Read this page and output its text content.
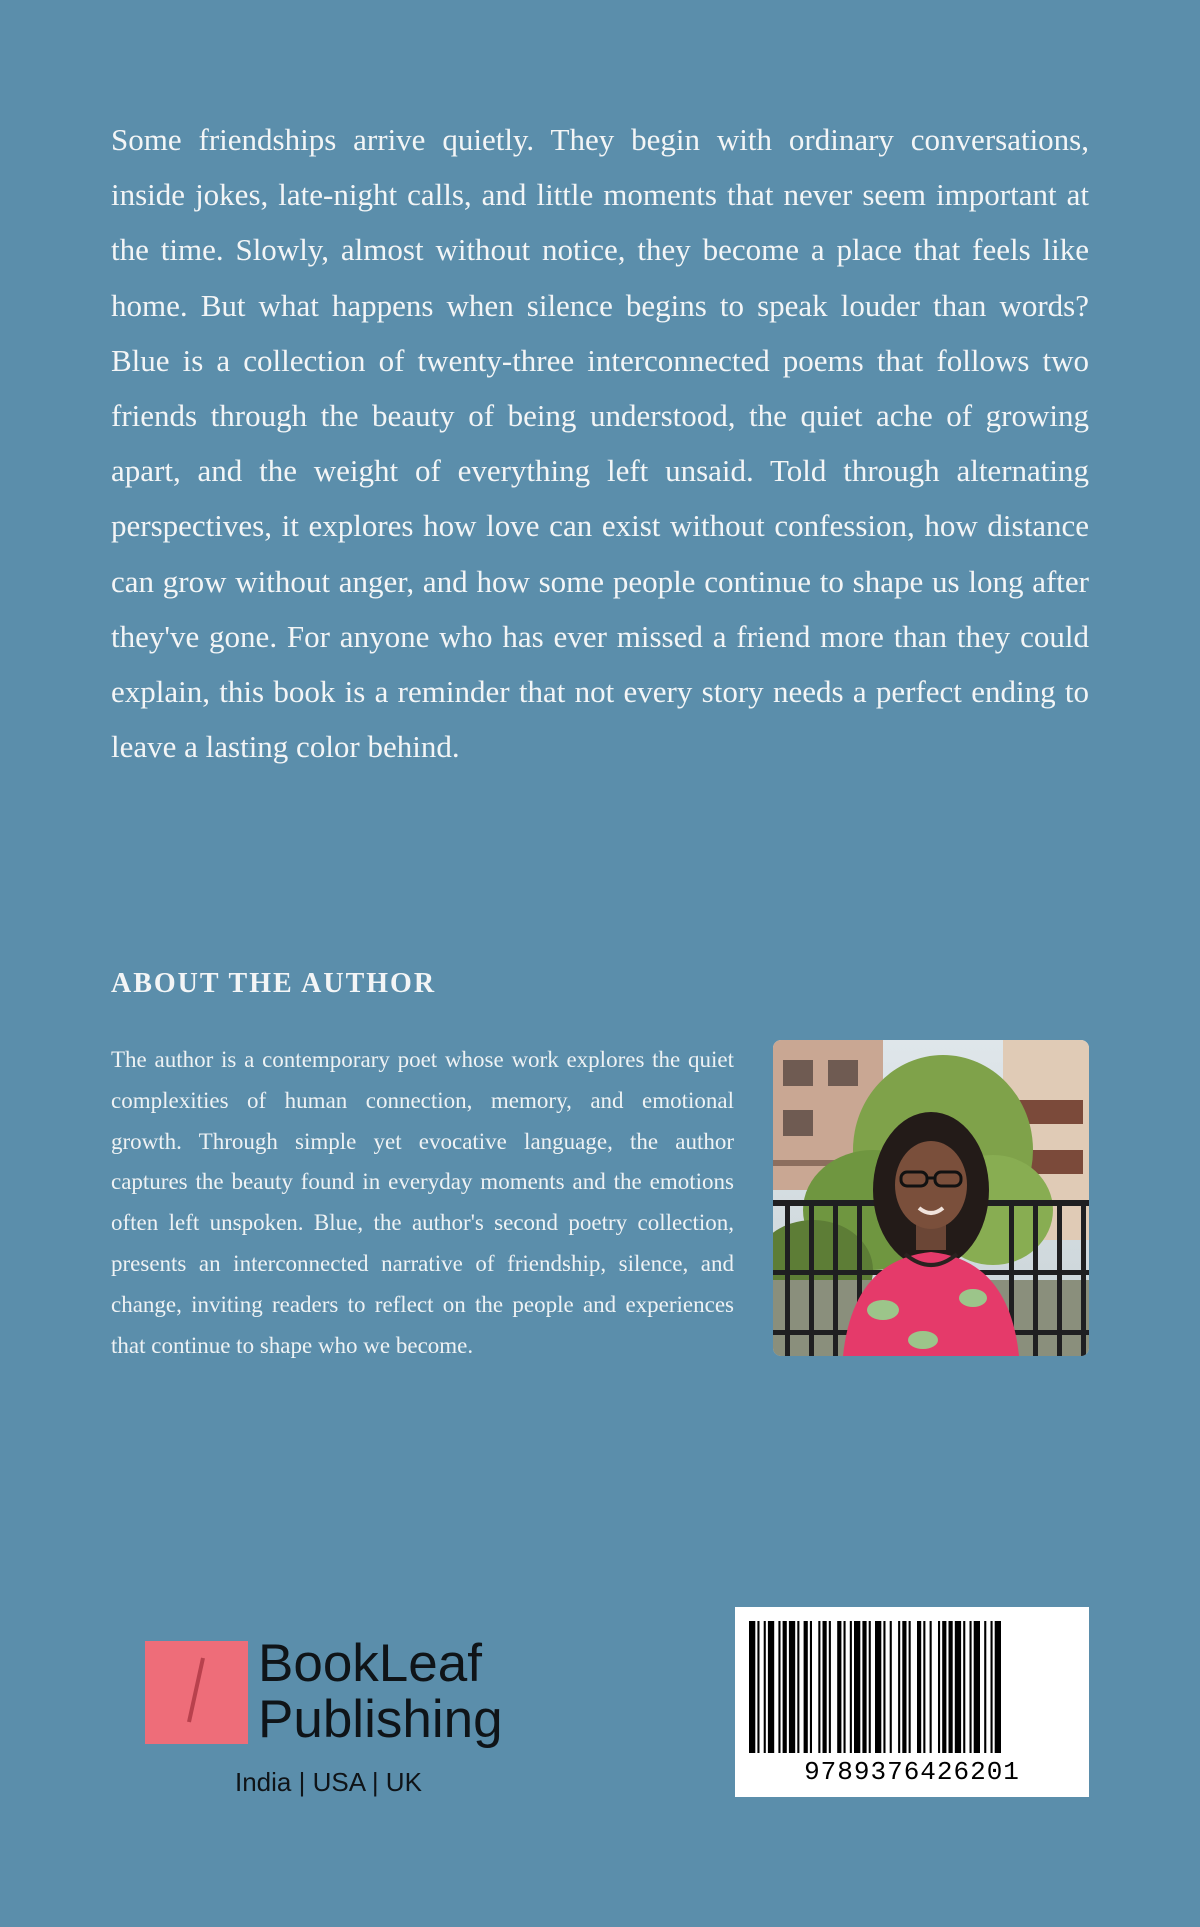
Some friendships arrive quietly. They begin with ordinary conversations, inside jokes, late-night calls, and little moments that never seem important at the time. Slowly, almost without notice, they become a place that feels like home. But what happens when silence begins to speak louder than words? Blue is a collection of twenty-three interconnected poems that follows two friends through the beauty of being understood, the quiet ache of growing apart, and the weight of everything left unsaid. Told through alternating perspectives, it explores how love can exist without confession, how distance can grow without anger, and how some people continue to shape us long after they've gone. For anyone who has ever missed a friend more than they could explain, this book is a reminder that not every story needs a perfect ending to leave a lasting color behind.

ABOUT THE AUTHOR

The author is a contemporary poet whose work explores the quiet complexities of human connection, memory, and emotional growth. Through simple yet evocative language, the author captures the beauty found in everyday moments and the emotions often left unspoken. Blue, the author's second poetry collection, presents an interconnected narrative of friendship, silence, and change, inviting readers to reflect on the people and experiences that continue to shape who we become.

BookLeaf
Publishing
India | USA | UK	9789376426201
